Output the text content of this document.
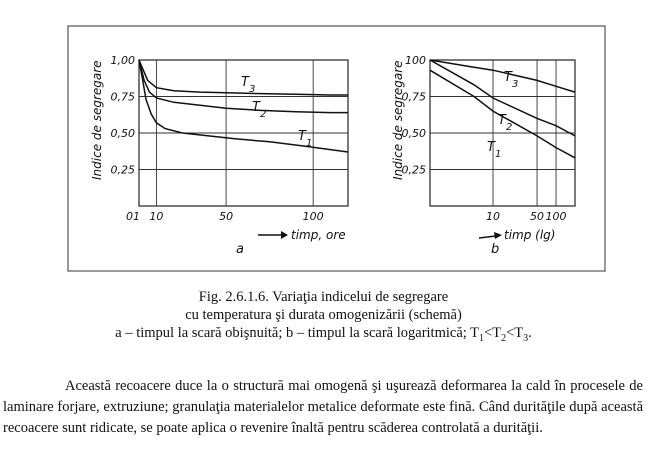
1,00
0,75
0,50
0,25
01 10	50	100
$T_3$
$T_2$
$T_1$
Indice de segregare
timp, ore
a
100
0,75
0,50
0,25
10	50 100
$T_3$
$T_2$
$T_1$
Indice de segregare
timp (lg)
b
Fig. 2.6.1.6. Variaţia indicelui de segregare
cu temperatura şi durata omogenizării (schemă)
a – timpul la scară obişnuită; b – timpul la scară logaritmică; $T_1<T_2<T_3$.
Această recoacere duce la o structură mai omogenă şi uşurează deformarea la cald în procesele de laminare forjare, extruziune; granulaţia materialelor metalice deformate este fină. Când durităţile după această recoacere sunt ridicate, se poate aplica o revenire înaltă pentru scăderea controlată a durităţii.
